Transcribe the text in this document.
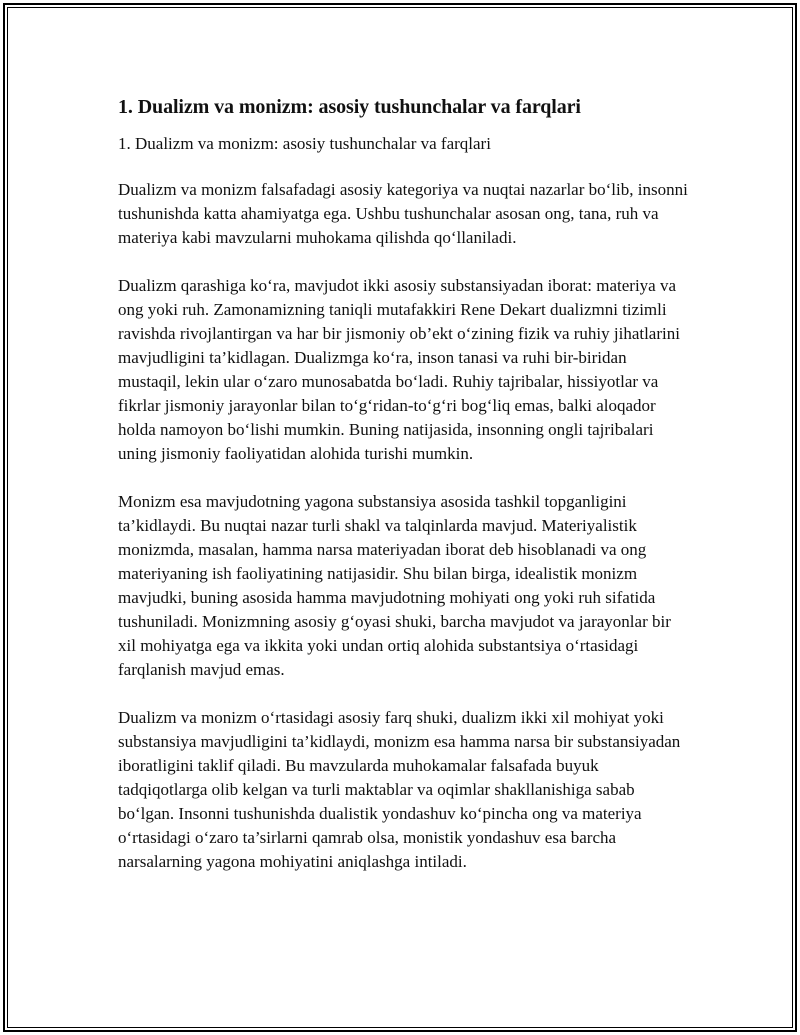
1. Dualizm va monizm: asosiy tushunchalar va farqlari

1. Dualizm va monizm: asosiy tushunchalar va farqlari

Dualizm va monizm falsafadagi asosiy kategoriya va nuqtai nazarlar bo‘lib, insonni tushunishda katta ahamiyatga ega. Ushbu tushunchalar asosan ong, tana, ruh va materiya kabi mavzularni muhokama qilishda qo‘llaniladi.

Dualizm qarashiga ko‘ra, mavjudot ikki asosiy substansiyadan iborat: materiya va ong yoki ruh. Zamonamizning taniqli mutafakkiri Rene Dekart dualizmni tizimli ravishda rivojlantirgan va har bir jismoniy ob’ekt o‘zining fizik va ruhiy jihatlarini mavjudligini ta’kidlagan. Dualizmga ko‘ra, inson tanasi va ruhi bir-biridan mustaqil, lekin ular o‘zaro munosabatda bo‘ladi. Ruhiy tajribalar, hissiyotlar va fikrlar jismoniy jarayonlar bilan to‘g‘ridan-to‘g‘ri bog‘liq emas, balki aloqador holda namoyon bo‘lishi mumkin. Buning natijasida, insonning ongli tajribalari uning jismoniy faoliyatidan alohida turishi mumkin.

Monizm esa mavjudotning yagona substansiya asosida tashkil topganligini ta’kidlaydi. Bu nuqtai nazar turli shakl va talqinlarda mavjud. Materiyalistik monizmda, masalan, hamma narsa materiyadan iborat deb hisoblanadi va ong materiyaning ish faoliyatining natijasidir. Shu bilan birga, idealistik monizm mavjudki, buning asosida hamma mavjudotning mohiyati ong yoki ruh sifatida tushuniladi. Monizmning asosiy g‘oyasi shuki, barcha mavjudot va jarayonlar bir xil mohiyatga ega va ikkita yoki undan ortiq alohida substantsiya o‘rtasidagi farqlanish mavjud emas.

Dualizm va monizm o‘rtasidagi asosiy farq shuki, dualizm ikki xil mohiyat yoki substansiya mavjudligini ta’kidlaydi, monizm esa hamma narsa bir substansiyadan iboratligini taklif qiladi. Bu mavzularda muhokamalar falsafada buyuk tadqiqotlarga olib kelgan va turli maktablar va oqimlar shakllanishiga sabab bo‘lgan. Insonni tushunishda dualistik yondashuv ko‘pincha ong va materiya o‘rtasidagi o‘zaro ta’sirlarni qamrab olsa, monistik yondashuv esa barcha narsalarning yagona mohiyatini aniqlashga intiladi.
